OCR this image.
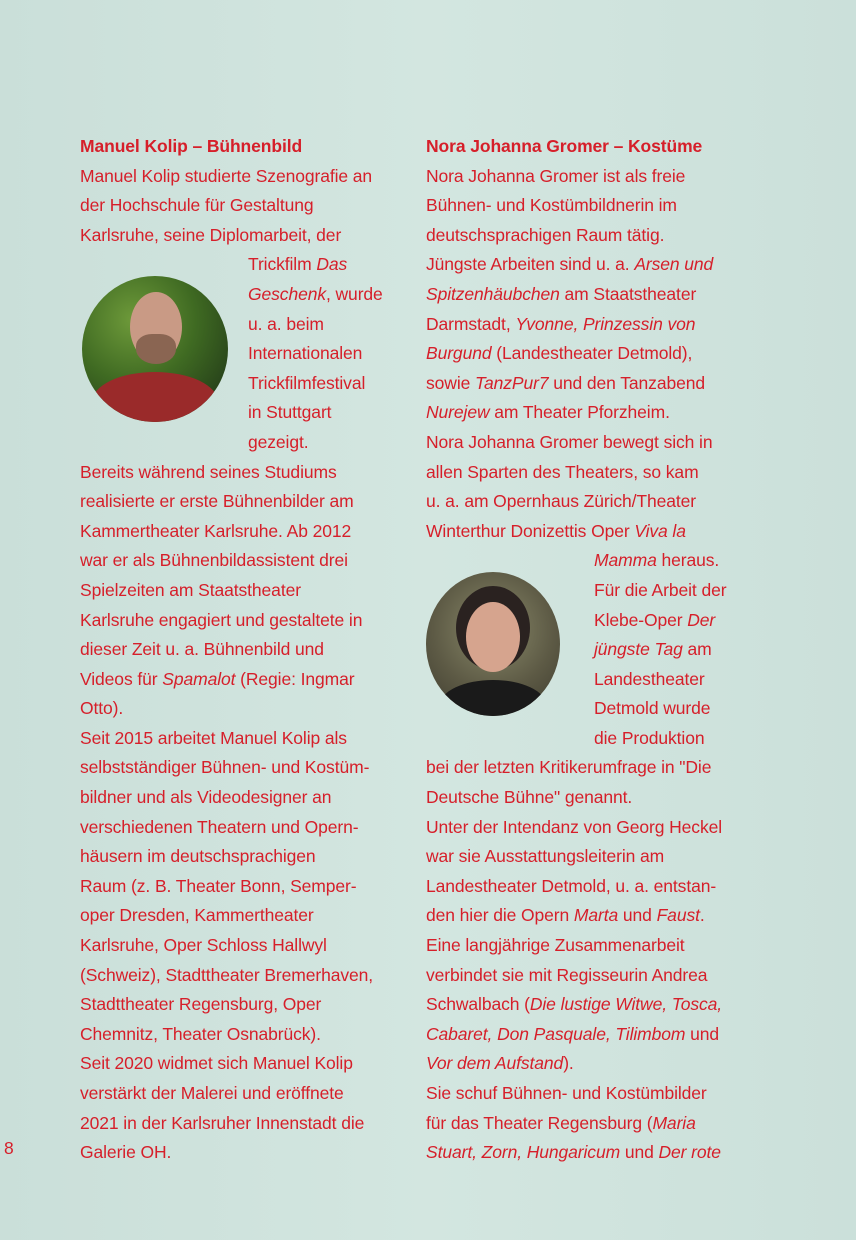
Manuel Kolip – Bühnenbild

Manuel Kolip studierte Szenografie an
der Hochschule für Gestaltung
Karlsruhe, seine Diplomarbeit, der
Trickfilm Das
Geschenk, wurde
u. a. beim
Internationalen
Trickfilmfestival
in Stuttgart
gezeigt.
Bereits während seines Studiums
realisierte er erste Bühnenbilder am
Kammertheater Karlsruhe. Ab 2012
war er als Bühnenbildassistent drei
Spielzeiten am Staatstheater
Karlsruhe engagiert und gestaltete in
dieser Zeit u. a. Bühnenbild und
Videos für Spamalot (Regie: Ingmar
Otto).
Seit 2015 arbeitet Manuel Kolip als
selbstständiger Bühnen- und Kostüm-
bildner und als Videodesigner an
verschiedenen Theatern und Opern-
häusern im deutschsprachigen
Raum (z. B. Theater Bonn, Semper-
oper Dresden, Kammertheater
Karlsruhe, Oper Schloss Hallwyl
(Schweiz), Stadttheater Bremerhaven,
Stadttheater Regensburg, Oper
Chemnitz, Theater Osnabrück).
Seit 2020 widmet sich Manuel Kolip
verstärkt der Malerei und eröffnete
2021 in der Karlsruher Innenstadt die
Galerie OH.

Nora Johanna Gromer – Kostüme

Nora Johanna Gromer ist als freie
Bühnen- und Kostümbildnerin im
deutschsprachigen Raum tätig.
Jüngste Arbeiten sind u. a. Arsen und
Spitzenhäubchen am Staatstheater
Darmstadt, Yvonne, Prinzessin von
Burgund (Landestheater Detmold),
sowie TanzPur7 und den Tanzabend
Nurejew am Theater Pforzheim.
Nora Johanna Gromer bewegt sich in
allen Sparten des Theaters, so kam
u. a. am Opernhaus Zürich/Theater
Winterthur Donizettis Oper Viva la
Mamma heraus.
Für die Arbeit der
Klebe-Oper Der
jüngste Tag am
Landestheater
Detmold wurde
die Produktion
bei der letzten Kritikerumfrage in "Die
Deutsche Bühne" genannt.
Unter der Intendanz von Georg Heckel
war sie Ausstattungsleiterin am
Landestheater Detmold, u. a. entstan-
den hier die Opern Marta und Faust.
Eine langjährige Zusammenarbeit
verbindet sie mit Regisseurin Andrea
Schwalbach (Die lustige Witwe, Tosca,
Cabaret, Don Pasquale, Tilimbom und
Vor dem Aufstand).
Sie schuf Bühnen- und Kostümbilder
für das Theater Regensburg (Maria
Stuart, Zorn, Hungaricum und Der rote
8
